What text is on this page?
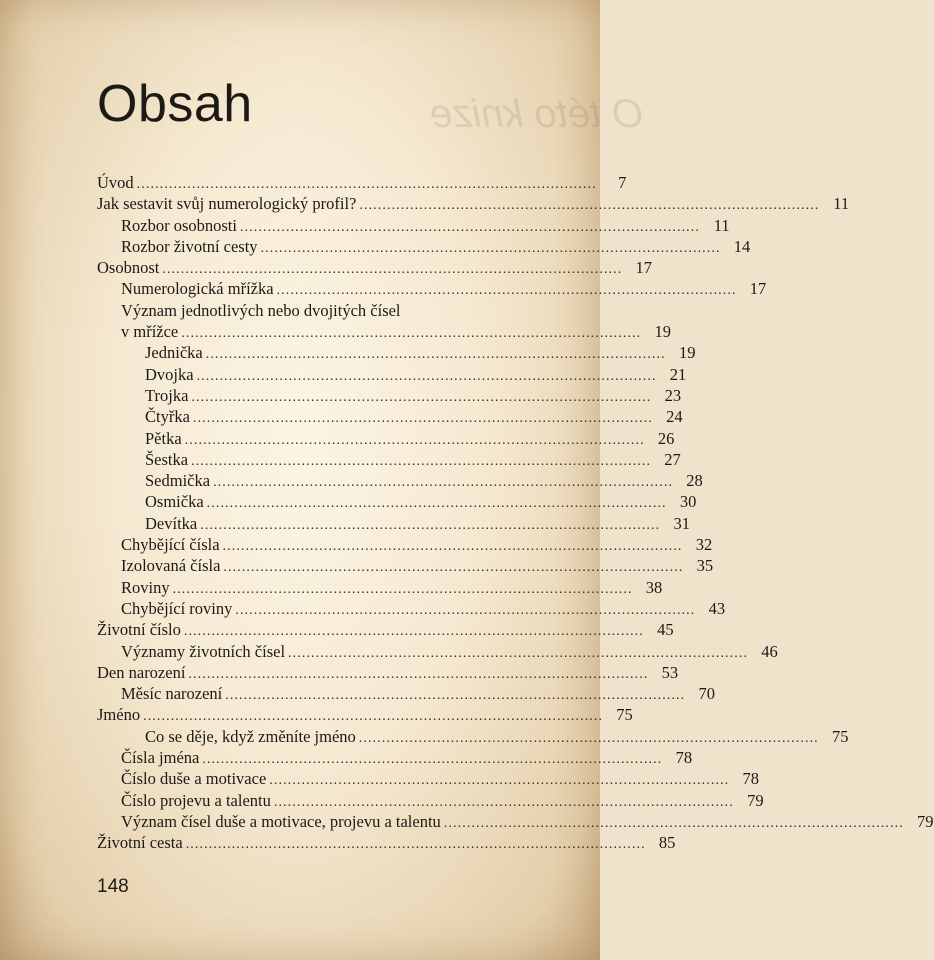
O této knize
Obsah
Úvod . . .	7
Jak sestavit svůj numerologický profil? . . .	11
Rozbor osobnosti . . .	11
Rozbor životní cesty . . .	14
Osobnost . . .	17
Numerologická mřížka . . .	17
Význam jednotlivých nebo dvojitých čísel
v mřížce . . .	19
Jednička . . .	19
Dvojka . . .	21
Trojka . . .	23
Čtyřka . . .	24
Pětka . . .	26
Šestka . . .	27
Sedmička . . .	28
Osmička . . .	30
Devítka . . .	31
Chybějící čísla . . .	32
Izolovaná čísla . . .	35
Roviny . . .	38
Chybějící roviny . . .	43
Životní číslo . . .	45
Významy životních čísel . . .	46
Den narození . . .	53
Měsíc narození . . .	70
Jméno . . .	75
Co se děje, když změníte jméno . . .	75
Čísla jména . . .	78
Číslo duše a motivace . . .	78
Číslo projevu a talentu . . .	79
Význam čísel duše a motivace, projevu a talentu . . .	79
Životní cesta . . .	85
148
